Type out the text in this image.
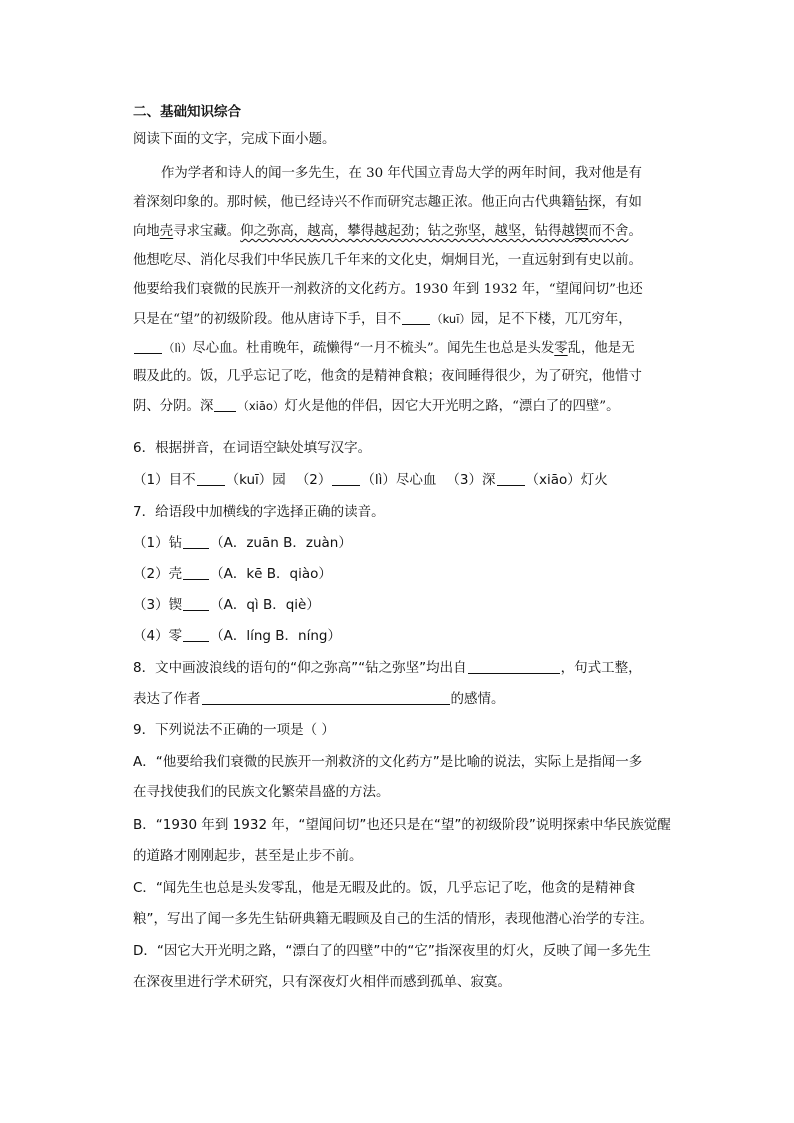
二、基础知识综合
阅读下面的文字，完成下面小题。
作为学者和诗人的闻一多先生，在 30 年代国立青岛大学的两年时间，我对他是有
着深刻印象的。那时候，他已经诗兴不作而研究志趣正浓。他正向古代典籍钻探，有如
向地壳寻求宝藏。仰之弥高，越高，攀得越起劲；钻之弥坚，越坚，钻得越锲而不舍。
他想吃尽、消化尽我们中华民族几千年来的文化史，炯炯目光，一直远射到有史以前。
他要给我们衰微的民族开一剂救济的文化药方。1930 年到 1932 年，“望闻问切”也还
只是在“望”的初级阶段。他从唐诗下手，目不	（kuī）园，足不下楼，兀兀穷年，
（lì）尽心血。杜甫晚年，疏懒得“一月不梳头”。闻先生也总是头发零乱，他是无
暇及此的。饭，几乎忘记了吃，他贪的是精神食粮；夜间睡得很少，为了研究，他惜寸
阴、分阴。深 （xiāo）灯火是他的伴侣，因它大开光明之路，“漂白了的四壁”。
6．根据拼音，在词语空缺处填写汉字。
（1）目不 （kuī）园 （2） （lì）尽心血 （3）深 （xiāo）灯火
7．给语段中加横线的字选择正确的读音。
（1）钻 （A．zuān B．zuàn）
（2）壳 （A．kē B．qiào）
（3）锲 （A．qì B．qiè）
（4）零 （A．líng B．níng）
8．文中画波浪线的语句的“仰之弥高”“钻之弥坚”均出自	，句式工整，
表达了作者	的感情。
9．下列说法不正确的一项是（ ）
A．“他要给我们衰微的民族开一剂救济的文化药方”是比喻的说法，实际上是指闻一多
在寻找使我们的民族文化繁荣昌盛的方法。
B．“1930 年到 1932 年，“望闻问切”也还只是在“望”的初级阶段”说明探索中华民族觉醒
的道路才刚刚起步，甚至是止步不前。
C．“闻先生也总是头发零乱，他是无暇及此的。饭，几乎忘记了吃，他贪的是精神食
粮”，写出了闻一多先生钻研典籍无暇顾及自己的生活的情形，表现他潜心治学的专注。
D．“因它大开光明之路，“漂白了的四壁”中的“它”指深夜里的灯火，反映了闻一多先生
在深夜里进行学术研究，只有深夜灯火相伴而感到孤单、寂寞。
